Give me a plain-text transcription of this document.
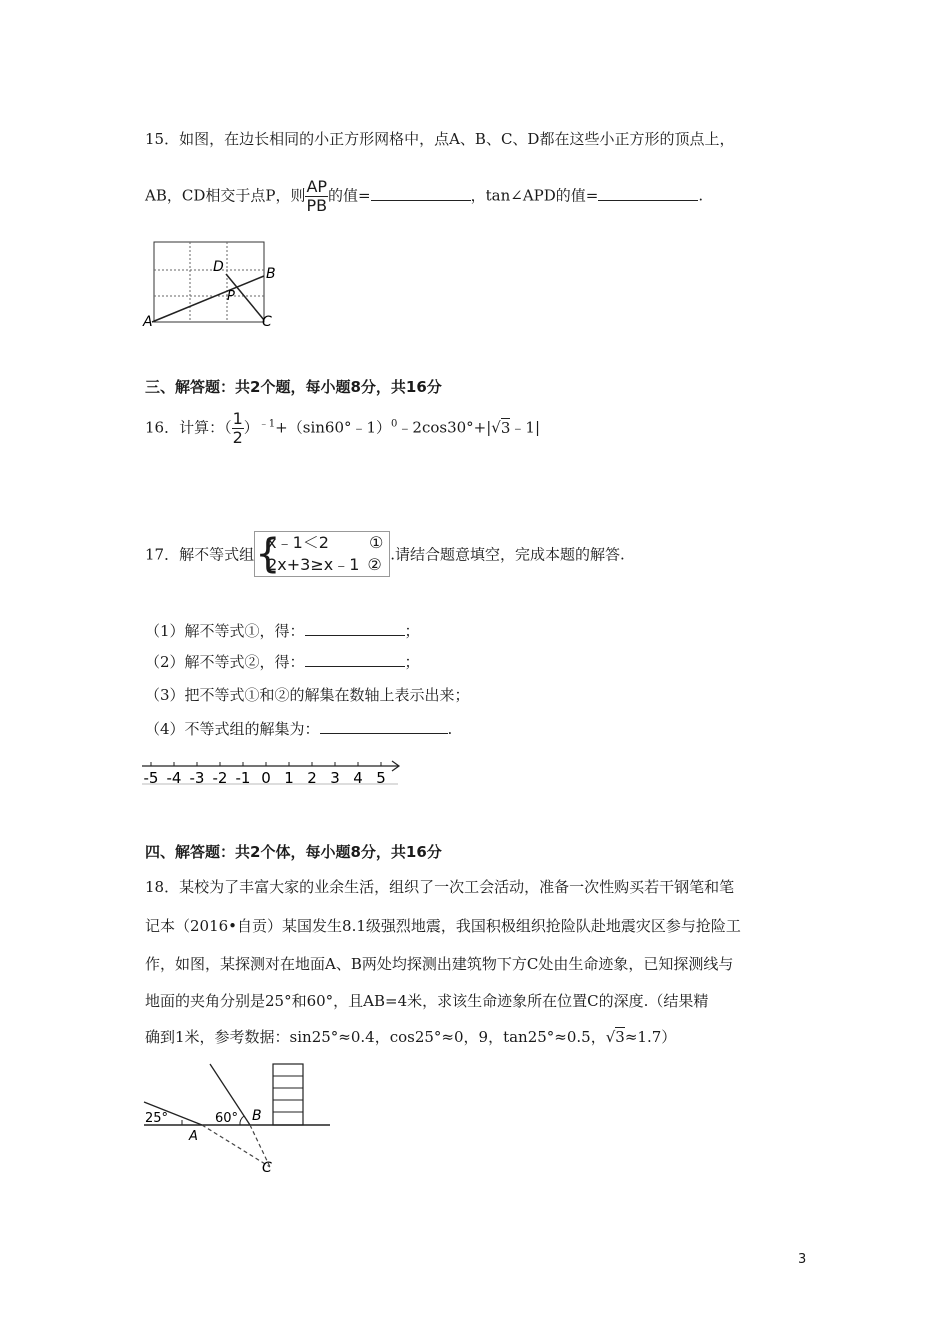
15．如图，在边长相同的小正方形网格中，点A、B、C、D都在这些小正方形的顶点上，
AB，CD相交于点P，则 $\frac{AP}{PB}$ 的值=	，tan∠APD的值=	.
D	B
P
A	C
三、解答题：共2个题，每小题8分，共16分
16．计算：（ $\frac{1}{2}$ ）$^{﹣1}$+（sin60°﹣1）$^0$﹣2cos30°+|√3﹣1|
17．解不等式组 {
x﹣1＜2	①
2x+3≥x﹣1 ②
.请结合题意填空，完成本题的解答.
（1）解不等式①，得：	；
（2）解不等式②，得：	；
（3）把不等式①和②的解集在数轴上表示出来；
（4）不等式组的解集为：	.
-5 -4 -3 -2 -1 0 1 2 3 4 5
四、解答题：共2个体，每小题8分，共16分
18．某校为了丰富大家的业余生活，组织了一次工会活动，准备一次性购买若干钢笔和笔
记本（2016•自贡）某国发生8.1级强烈地震，我国积极组织抢险队赴地震灾区参与抢险工
作，如图，某探测对在地面A、B两处均探测出建筑物下方C处由生命迹象，已知探测线与
地面的夹角分别是25°和60°，且AB=4米，求该生命迹象所在位置C的深度.（结果精
确到1米，参考数据：sin25°≈0.4，cos25°≈0，9，tan25°≈0.5，√3≈1.7）
25°	60°
A
B
C
3
